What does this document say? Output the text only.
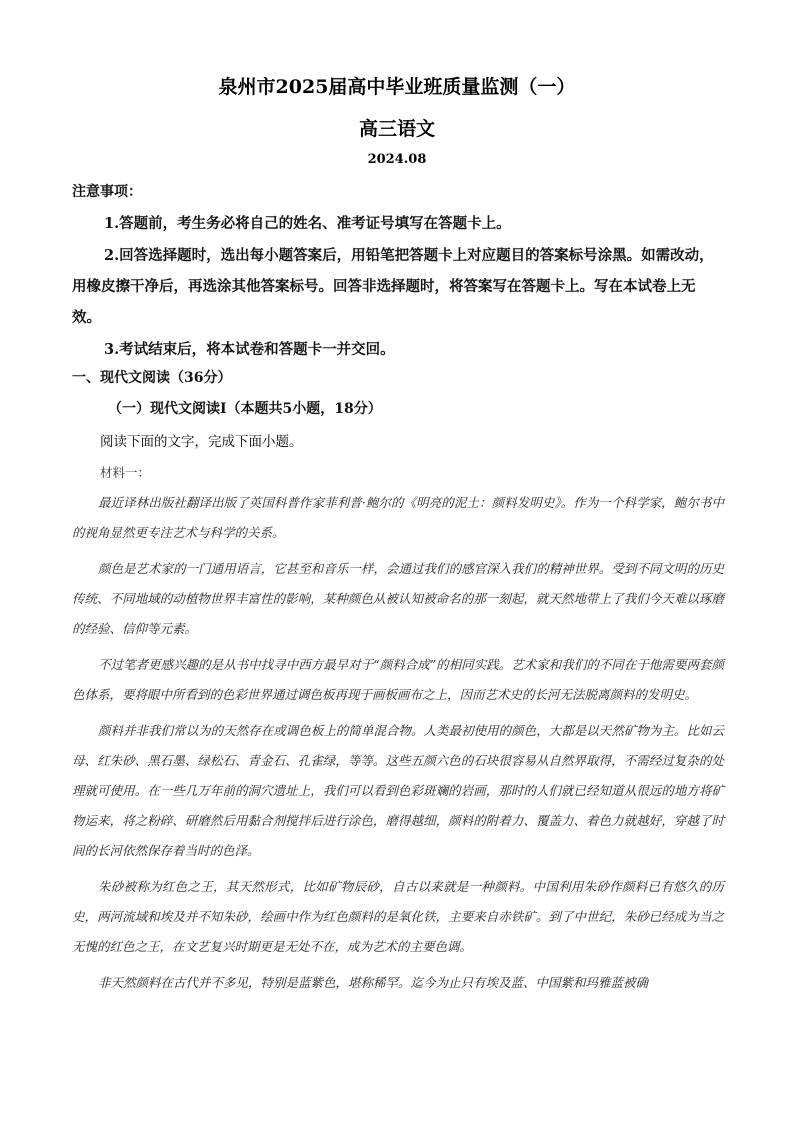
泉州市2025届高中毕业班质量监测（一）
高三语文
2024.08
注意事项：
1.答题前，考生务必将自己的姓名、准考证号填写在答题卡上。
2.回答选择题时，选出每小题答案后，用铅笔把答题卡上对应题目的答案标号涂黑。如需改动，用橡皮擦干净后，再选涂其他答案标号。回答非选择题时，将答案写在答题卡上。写在本试卷上无效。
3.考试结束后，将本试卷和答题卡一并交回。
一、现代文阅读（36分）
（一）现代文阅读Ⅰ（本题共5小题，18分）
阅读下面的文字，完成下面小题。
材料一：

最近译林出版社翻译出版了英国科普作家菲利普·鲍尔的《明亮的泥土：颜料发明史》。作为一个科学家，鲍尔书中的视角显然更专注艺术与科学的关系。

颜色是艺术家的一门通用语言，它甚至和音乐一样，会通过我们的感官深入我们的精神世界。受到不同文明的历史传统、不同地域的动植物世界丰富性的影响，某种颜色从被认知被命名的那一刻起，就天然地带上了我们今天难以琢磨的经验、信仰等元素。

不过笔者更感兴趣的是从书中找寻中西方最早对于“颜料合成”的相同实践。艺术家和我们的不同在于他需要两套颜色体系，要将眼中所看到的色彩世界通过调色板再现于画板画布之上，因而艺术史的长河无法脱离颜料的发明史。

颜料并非我们常以为的天然存在或调色板上的简单混合物。人类最初使用的颜色，大都是以天然矿物为主。比如云母、红朱砂、黑石墨、绿松石、青金石、孔雀绿，等等。这些五颜六色的石块很容易从自然界取得，不需经过复杂的处理就可使用。在一些几万年前的洞穴遗址上，我们可以看到色彩斑斓的岩画，那时的人们就已经知道从很远的地方将矿物运来，将之粉碎、研磨然后用黏合剂搅拌后进行涂色，磨得越细，颜料的附着力、覆盖力、着色力就越好，穿越了时间的长河依然保存着当时的色泽。

朱砂被称为红色之王，其天然形式，比如矿物辰砂，自古以来就是一种颜料。中国利用朱砂作颜料已有悠久的历史，两河流域和埃及并不知朱砂，绘画中作为红色颜料的是氧化铁，主要来自赤铁矿。到了中世纪，朱砂已经成为当之无愧的红色之王，在文艺复兴时期更是无处不在，成为艺术的主要色调。

非天然颜料在古代并不多见，特别是蓝紫色，堪称稀罕。迄今为止只有埃及蓝、中国紫和玛雅蓝被确
